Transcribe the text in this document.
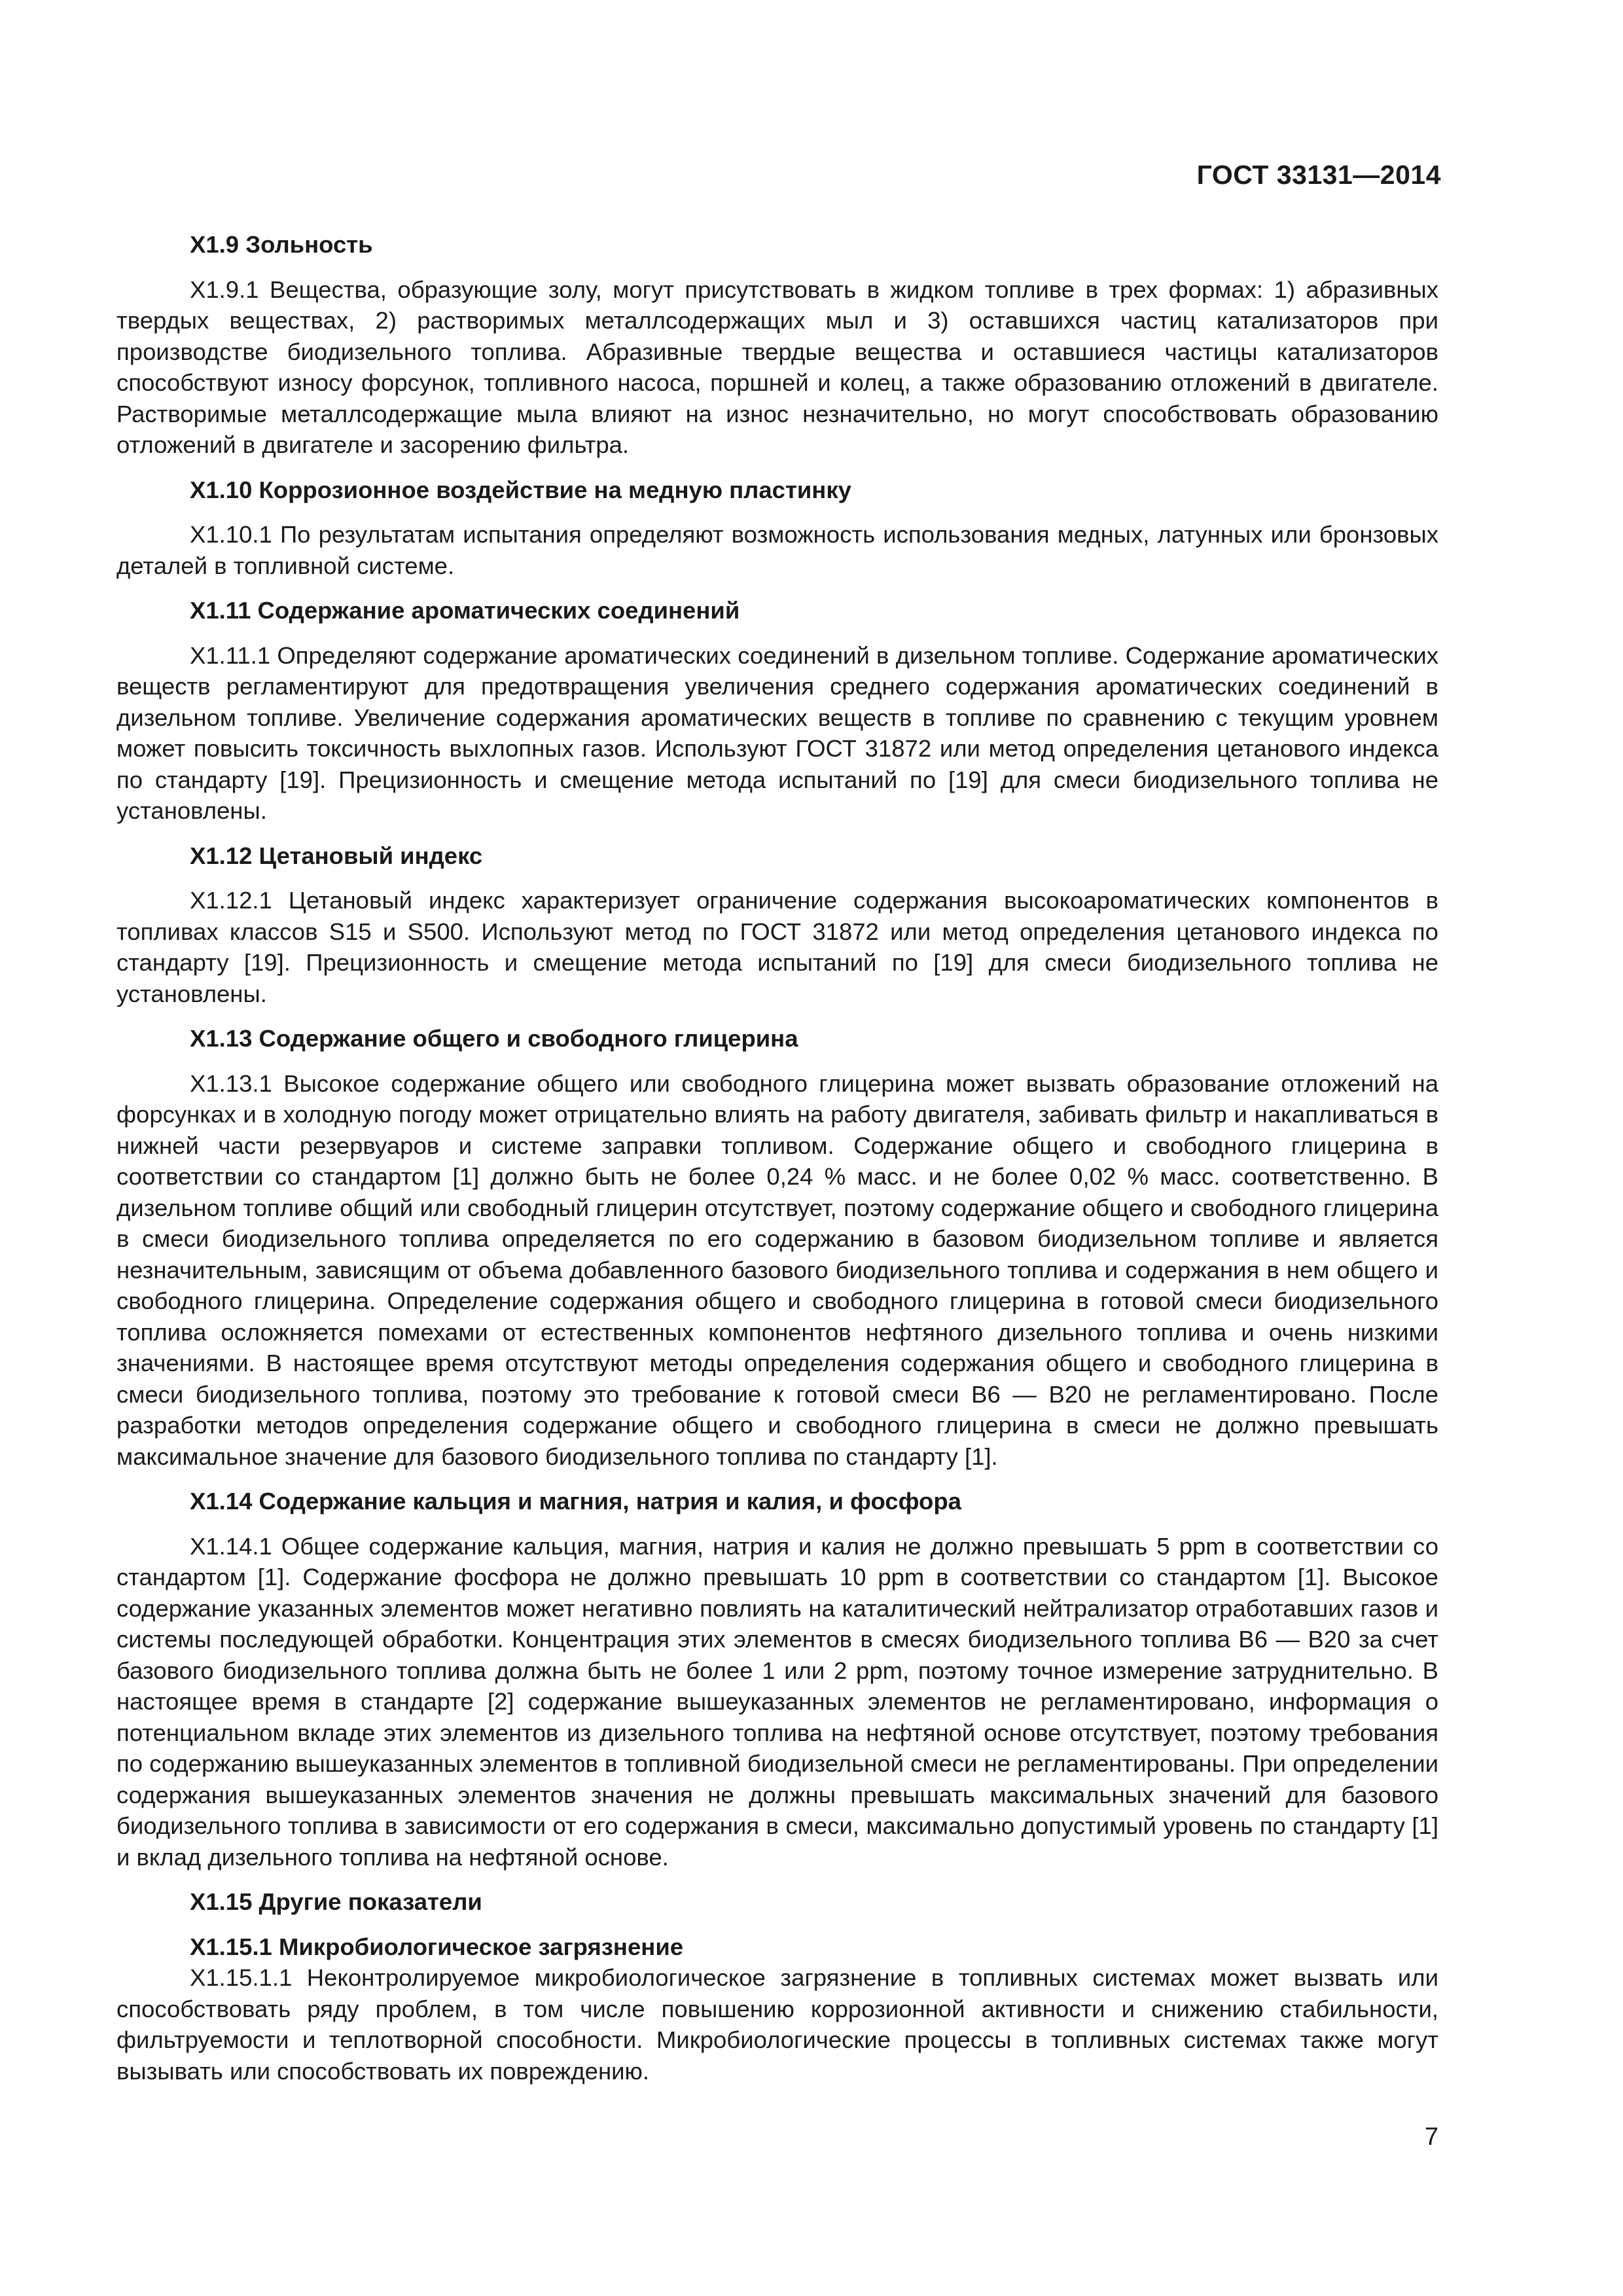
ГОСТ 33131—2014
Х1.9 Зольность

Х1.9.1 Вещества, образующие золу, могут присутствовать в жидком топливе в трех формах: 1) абразивных твердых веществах, 2) растворимых металлсодержащих мыл и 3) оставшихся частиц катализаторов при производстве биодизельного топлива. Абразивные твердые вещества и оставшиеся частицы катализаторов способствуют износу форсунок, топливного насоса, поршней и колец, а также образованию отложений в двигателе. Растворимые металлсодержащие мыла влияют на износ незначительно, но могут способствовать образованию отложений в двигателе и засорению фильтра.

Х1.10 Коррозионное воздействие на медную пластинку

Х1.10.1 По результатам испытания определяют возможность использования медных, латунных или бронзовых деталей в топливной системе.

Х1.11 Содержание ароматических соединений

Х1.11.1 Определяют содержание ароматических соединений в дизельном топливе. Содержание ароматических веществ регламентируют для предотвращения увеличения среднего содержания ароматических соединений в дизельном топливе. Увеличение содержания ароматических веществ в топливе по сравнению с текущим уровнем может повысить токсичность выхлопных газов. Используют ГОСТ 31872 или метод определения цетанового индекса по стандарту [19]. Прецизионность и смещение метода испытаний по [19] для смеси биодизельного топлива не установлены.

Х1.12 Цетановый индекс

Х1.12.1 Цетановый индекс характеризует ограничение содержания высокоароматических компонентов в топливах классов S15 и S500. Используют метод по ГОСТ 31872 или метод определения цетанового индекса по стандарту [19]. Прецизионность и смещение метода испытаний по [19] для смеси биодизельного топлива не установлены.

Х1.13 Содержание общего и свободного глицерина

Х1.13.1 Высокое содержание общего или свободного глицерина может вызвать образование отложений на форсунках и в холодную погоду может отрицательно влиять на работу двигателя, забивать фильтр и накапливаться в нижней части резервуаров и системе заправки топливом. Содержание общего и свободного глицерина в соответствии со стандартом [1] должно быть не более 0,24 % масс. и не более 0,02 % масс. соответственно. В дизельном топливе общий или свободный глицерин отсутствует, поэтому содержание общего и свободного глицерина в смеси биодизельного топлива определяется по его содержанию в базовом биодизельном топливе и является незначительным, зависящим от объема добавленного базового биодизельного топлива и содержания в нем общего и свободного глицерина. Определение содержания общего и свободного глицерина в готовой смеси биодизельного топлива осложняется помехами от естественных компонентов нефтяного дизельного топлива и очень низкими значениями. В настоящее время отсутствуют методы определения содержания общего и свободного глицерина в смеси биодизельного топлива, поэтому это требование к готовой смеси В6 — В20 не регламентировано. После разработки методов определения содержание общего и свободного глицерина в смеси не должно превышать максимальное значение для базового биодизельного топлива по стандарту [1].

Х1.14 Содержание кальция и магния, натрия и калия, и фосфора

Х1.14.1 Общее содержание кальция, магния, натрия и калия не должно превышать 5 ppm в соответствии со стандартом [1]. Содержание фосфора не должно превышать 10 ppm в соответствии со стандартом [1]. Высокое содержание указанных элементов может негативно повлиять на каталитический нейтрализатор отработавших газов и системы последующей обработки. Концентрация этих элементов в смесях биодизельного топлива В6 — В20 за счет базового биодизельного топлива должна быть не более 1 или 2 ppm, поэтому точное измерение затруднительно. В настоящее время в стандарте [2] содержание вышеуказанных элементов не регламентировано, информация о потенциальном вкладе этих элементов из дизельного топлива на нефтяной основе отсутствует, поэтому требования по содержанию вышеуказанных элементов в топливной биодизельной смеси не регламентированы. При определении содержания вышеуказанных элементов значения не должны превышать максимальных значений для базового биодизельного топлива в зависимости от его содержания в смеси, максимально допустимый уровень по стандарту [1] и вклад дизельного топлива на нефтяной основе.

Х1.15 Другие показатели
Х1.15.1 Микробиологическое загрязнение

Х1.15.1.1 Неконтролируемое микробиологическое загрязнение в топливных системах может вызвать или способствовать ряду проблем, в том числе повышению коррозионной активности и снижению стабильности, фильтруемости и теплотворной способности. Микробиологические процессы в топливных системах также могут вызывать или способствовать их повреждению.

7
